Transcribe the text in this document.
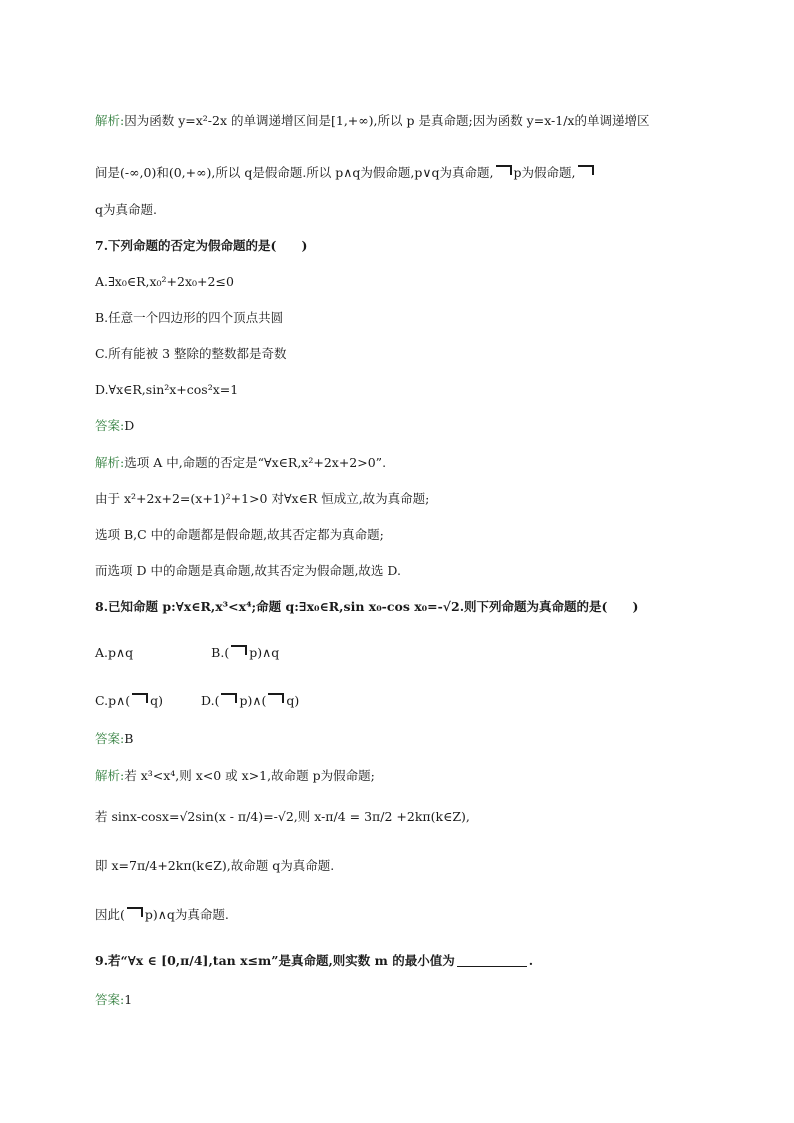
解析:因为函数 y=x²-2x 的单调递增区间是[1,+∞),所以 p 是真命题;因为函数 y=x-1/x的单调递增区
间是(-∞,0)和(0,+∞),所以 q是假命题.所以 p∧q为假命题,p∨q为真命题, p为假命题,
q为真命题.
7.下列命题的否定为假命题的是(　　)
A.∃x₀∈R,x₀²+2x₀+2≤0
B.任意一个四边形的四个顶点共圆
C.所有能被 3 整除的整数都是奇数
D.∀x∈R,sin²x+cos²x=1
答案:D
解析:选项 A 中,命题的否定是“∀x∈R,x²+2x+2>0”.
由于 x²+2x+2=(x+1)²+1>0 对∀x∈R 恒成立,故为真命题;
选项 B,C 中的命题都是假命题,故其否定都为真命题;
而选项 D 中的命题是真命题,故其否定为假命题,故选 D.
8.已知命题 p:∀x∈R,x³<x⁴;命题 q:∃x₀∈R,sin x₀-cos x₀=-√2.则下列命题为真命题的是(　　)
A.p∧q	B.( p)∧q
C.p∧( q)	D.( p)∧( q)
答案:B
解析:若 x³<x⁴,则 x<0 或 x>1,故命题 p为假命题;
若 sinx-cosx=√2sin(x - π/4)=-√2,则 x-π/4 = 3π/2 +2kπ(k∈Z),
即 x=7π/4+2kπ(k∈Z),故命题 q为真命题.
因此( p)∧q为真命题.
9.若“∀x ∈ [0,π/4],tan x≤m”是真命题,则实数 m 的最小值为	.
答案:1
